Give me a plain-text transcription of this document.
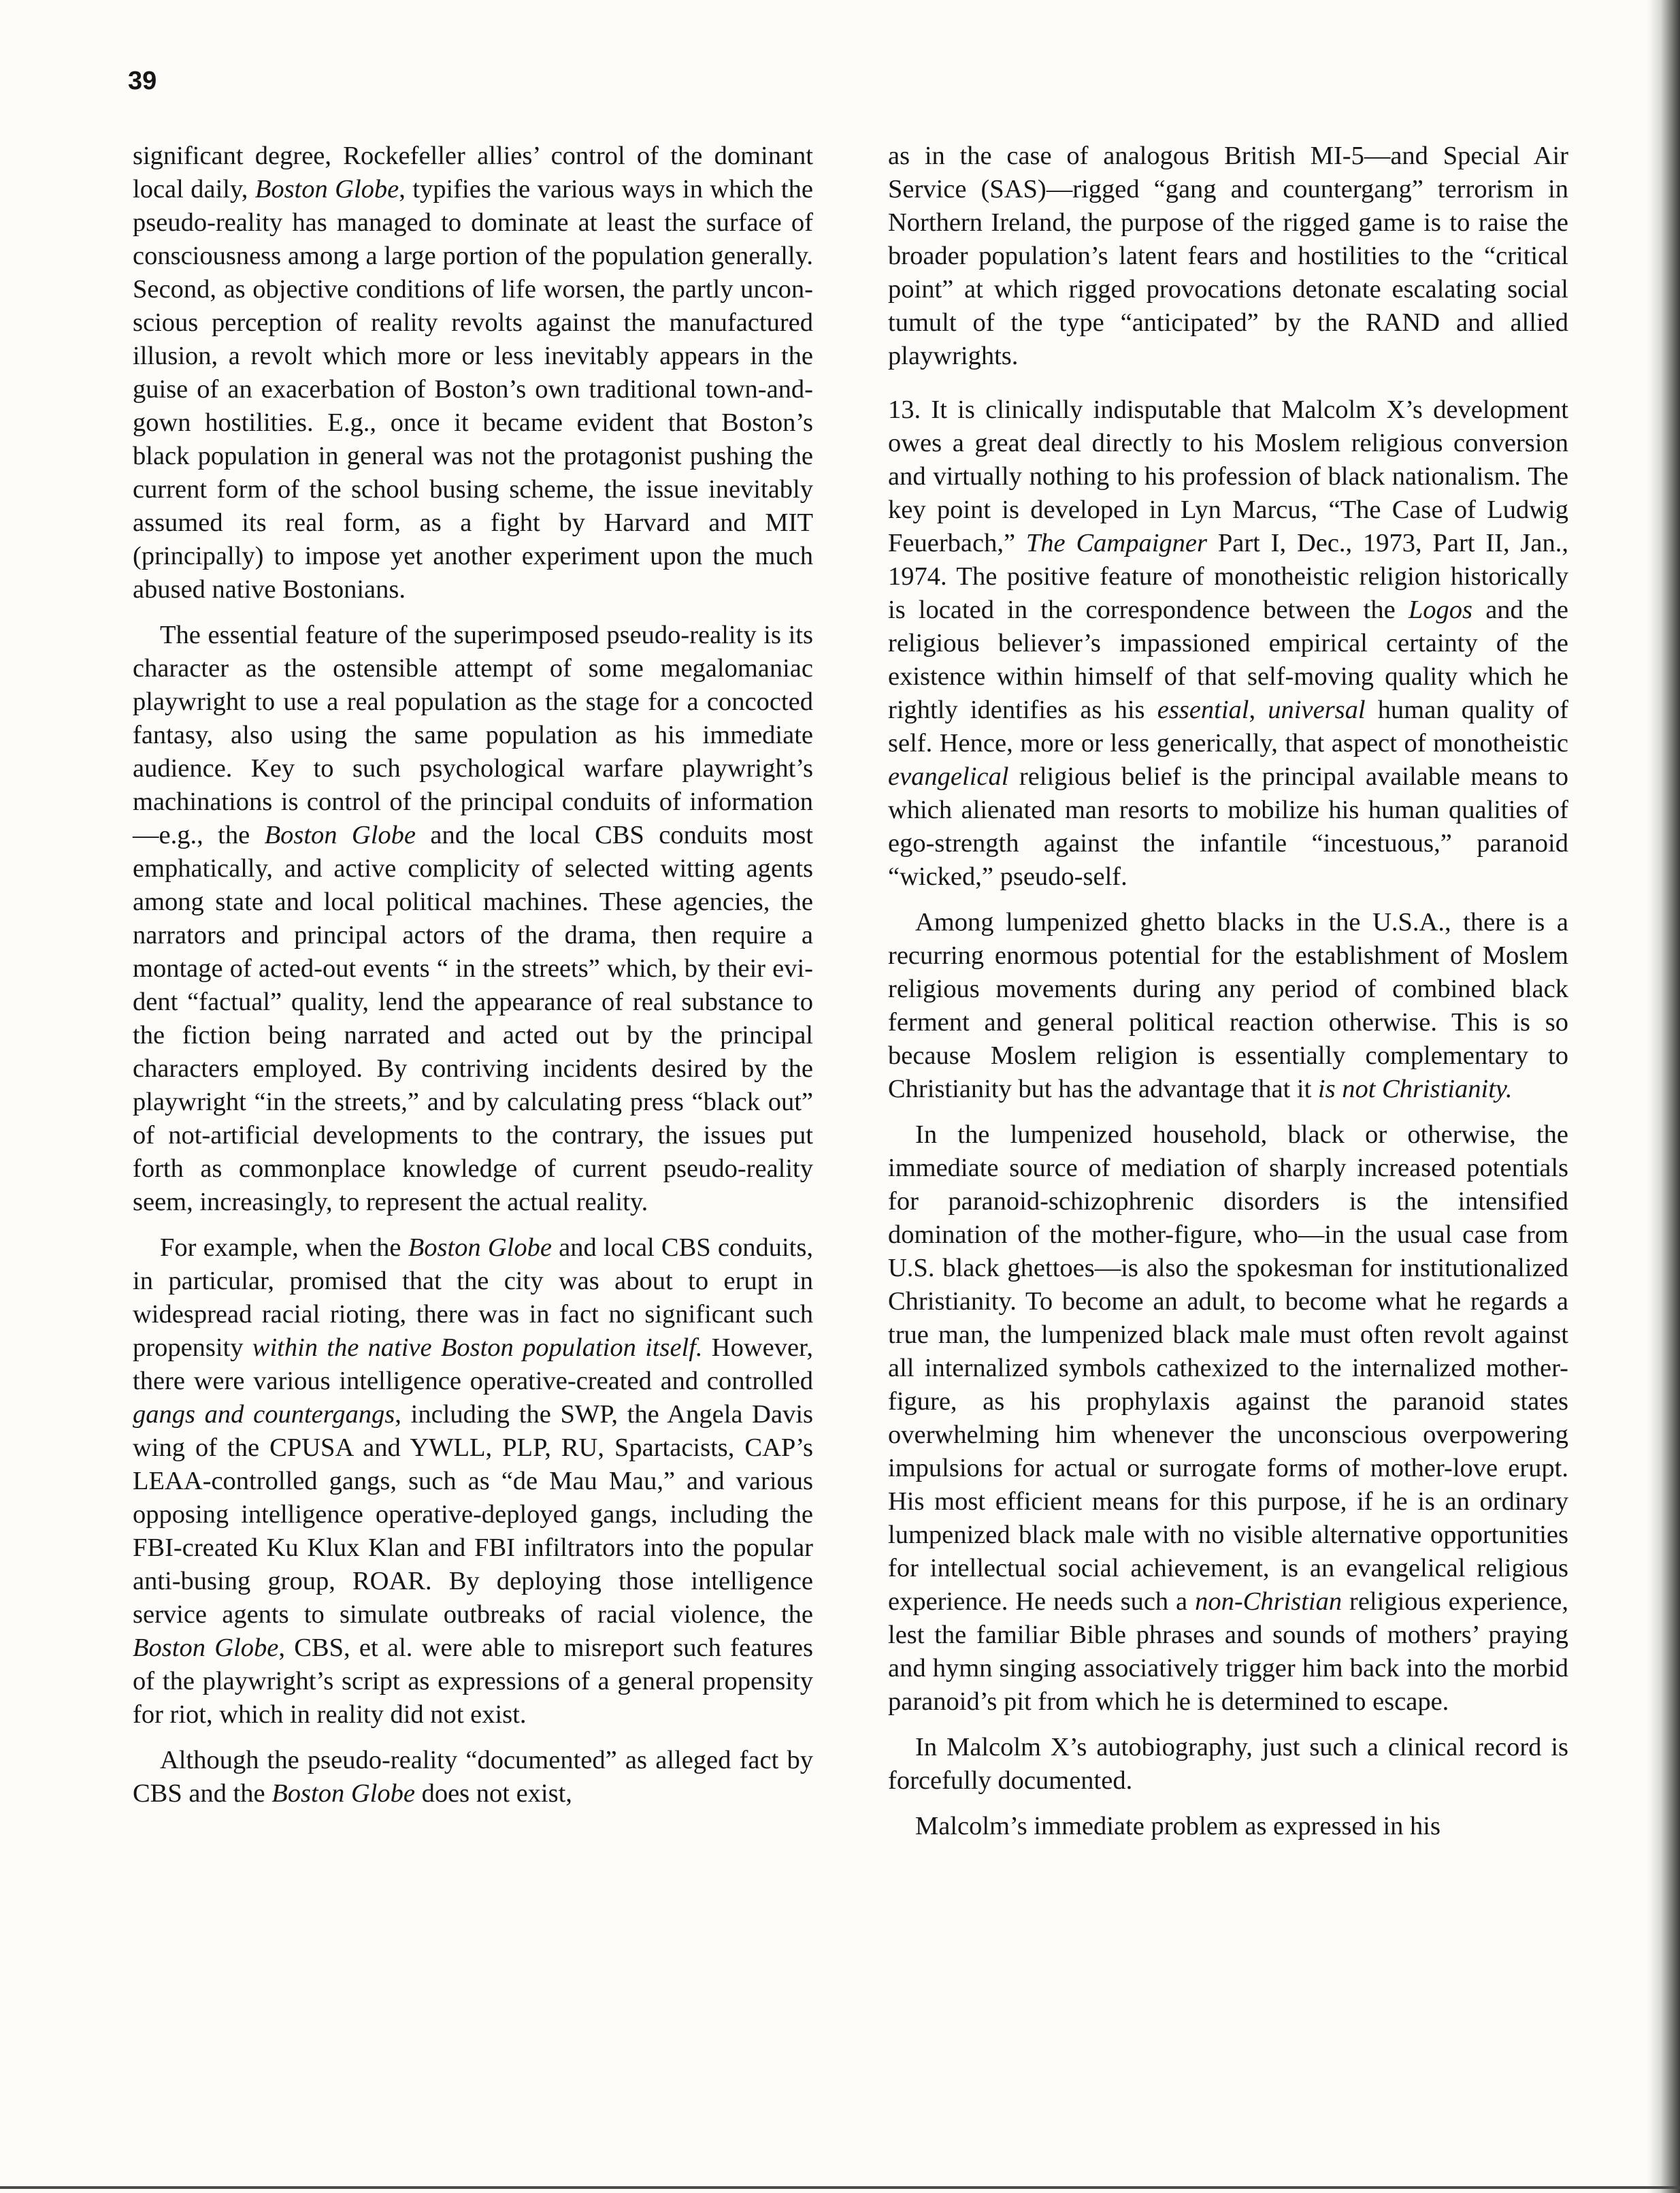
39

significant degree, Rockefeller allies’ control of the dominant local daily, Boston Globe, typifies the various ways in which the pseudo-reality has managed to dominate at least the surface of consciousness among a large portion of the population generally. Second, as objective conditions of life worsen, the partly unconscious perception of reality revolts against the manufactured illusion, a revolt which more or less inevitably appears in the guise of an exacerbation of Boston’s own traditional town-and-gown hostilities. E.g., once it became evident that Boston’s black population in general was not the protagonist pushing the current form of the school busing scheme, the issue inevitably assumed its real form, as a fight by Harvard and MIT (principally) to impose yet another experiment upon the much abused native Bostonians.

The essential feature of the superimposed pseudo-reality is its character as the ostensible attempt of some megalomaniac playwright to use a real population as the stage for a concocted fantasy, also using the same population as his immediate audience. Key to such psychological warfare playwright’s machinations is control of the principal conduits of information—e.g., the Boston Globe and the local CBS conduits most emphatically, and active complicity of selected witting agents among state and local political machines. These agencies, the narrators and principal actors of the drama, then require a montage of acted-out events “ in the streets” which, by their evident “factual” quality, lend the appearance of real substance to the fiction being narrated and acted out by the principal characters employed. By contriving incidents desired by the playwright “in the streets,” and by calculating press “black out” of not-artificial developments to the contrary, the issues put forth as commonplace knowledge of current pseudo-reality seem, increasingly, to represent the actual reality.

For example, when the Boston Globe and local CBS conduits, in particular, promised that the city was about to erupt in widespread racial rioting, there was in fact no significant such propensity within the native Boston population itself. However, there were various intelligence operative-created and controlled gangs and countergangs, including the SWP, the Angela Davis wing of the CPUSA and YWLL, PLP, RU, Spartacists, CAP’s LEAA-controlled gangs, such as “de Mau Mau,” and various opposing intelligence operative-deployed gangs, including the FBI-created Ku Klux Klan and FBI infiltrators into the popular anti-busing group, ROAR. By deploying those intelligence service agents to simulate outbreaks of racial violence, the Boston Globe, CBS, et al. were able to misreport such features of the playwright’s script as expressions of a general propensity for riot, which in reality did not exist.

Although the pseudo-reality “documented” as alleged fact by CBS and the Boston Globe does not exist,

as in the case of analogous British MI-5—and Special Air Service (SAS)—rigged “gang and countergang” terrorism in Northern Ireland, the purpose of the rigged game is to raise the broader population’s latent fears and hostilities to the “critical point” at which rigged provocations detonate escalating social tumult of the type “anticipated” by the RAND and allied playwrights.

13. It is clinically indisputable that Malcolm X’s development owes a great deal directly to his Moslem religious conversion and virtually nothing to his profession of black nationalism. The key point is developed in Lyn Marcus, “The Case of Ludwig Feuerbach,” The Campaigner Part I, Dec., 1973, Part II, Jan., 1974. The positive feature of monotheistic religion historically is located in the correspondence between the Logos and the religious believer’s impassioned empirical certainty of the existence within himself of that self-moving quality which he rightly identifies as his essential, universal human quality of self. Hence, more or less generically, that aspect of monotheistic evangelical religious belief is the principal available means to which alienated man resorts to mobilize his human qualities of ego-strength against the infantile “incestuous,” paranoid “wicked,” pseudo-self.

Among lumpenized ghetto blacks in the U.S.A., there is a recurring enormous potential for the establishment of Moslem religious movements during any period of combined black ferment and general political reaction otherwise. This is so because Moslem religion is essentially complementary to Christianity but has the advantage that it is not Christianity.

In the lumpenized household, black or otherwise, the immediate source of mediation of sharply increased potentials for paranoid-schizophrenic disorders is the intensified domination of the mother-figure, who—in the usual case from U.S. black ghettoes—is also the spokesman for institutionalized Christianity. To become an adult, to become what he regards a true man, the lumpenized black male must often revolt against all internalized symbols cathexized to the internalized mother-figure, as his prophylaxis against the paranoid states overwhelming him whenever the unconscious overpowering impulsions for actual or surrogate forms of mother-love erupt. His most efficient means for this purpose, if he is an ordinary lumpenized black male with no visible alternative opportunities for intellectual social achievement, is an evangelical religious experience. He needs such a non-Christian religious experience, lest the familiar Bible phrases and sounds of mothers’ praying and hymn singing associatively trigger him back into the morbid paranoid’s pit from which he is determined to escape.

In Malcolm X’s autobiography, just such a clinical record is forcefully documented.

Malcolm’s immediate problem as expressed in his
